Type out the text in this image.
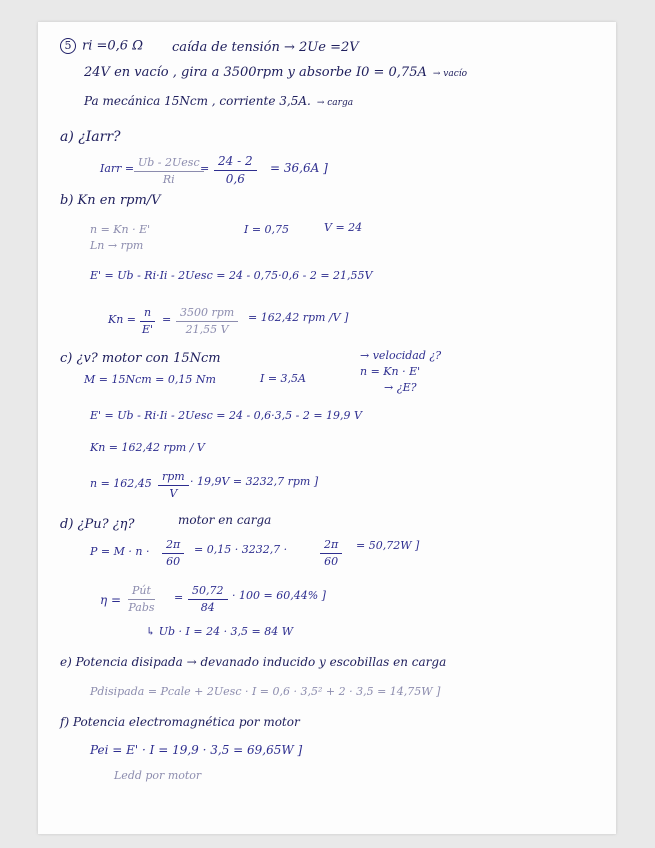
5 ri =0,6 Ω caída de tensión → 2Ue =2V
24V en vacío , gira a 3500rpm y absorbe I0 = 0,75A → vacío
Pa mecánica 15Ncm , corriente 3,5A. → carga
a) ¿Iarr?
Iarr = Ub - 2Uesc
Ri
= $\frac{24 - 2}{0,6} = 36,6A$ ]
b) Kn en rpm/V
n = Kn · E'
Ln → rpm
I = 0,75	V = 24
E' = Ub - Ri·Ii - 2Uesc = 24 - 0,75·0,6 - 2 = 21,55V
$Kn = \frac{n}{E'}$ =
3500 rpm
21,55 V
= 162,42 rpm /V ]
c) ¿v? motor con 15Ncm	→ velocidad ¿?
n = Kn · E'
→ ¿E?
M = 15Ncm = 0,15 Nm	I = 3,5A
E' = Ub - Ri·Ii - 2Uesc = 24 - 0,6·3,5 - 2 = 19,9 V
Kn = 162,42 rpm / V
n = 162,45
rpm
V
· 19,9V = 3232,7 rpm ]
d) ¿Pu? ¿η?	motor en carga
$P = M \cdot n \cdot \frac{2\pi}{60} = 0,15 \cdot 3232,7$ ·	$\frac{2\pi}{60} = 50,72W$ ]
η =
Pút
Pabs
= $\frac{50,72}{84} \cdot 100 = 60,44\%$ ]
↳ Ub · I = 24 · 3,5 = 84 W
e) Potencia disipada → devanado inducido y escobillas en carga
Pdisipada = Pcale + 2Uesc · I = 0,6 · 3,5² + 2 · 3,5 = 14,75W ]
f) Potencia electromagnética por motor
Pei = E' · I = 19,9 · 3,5 = 69,65W ]
Ledd por motor
